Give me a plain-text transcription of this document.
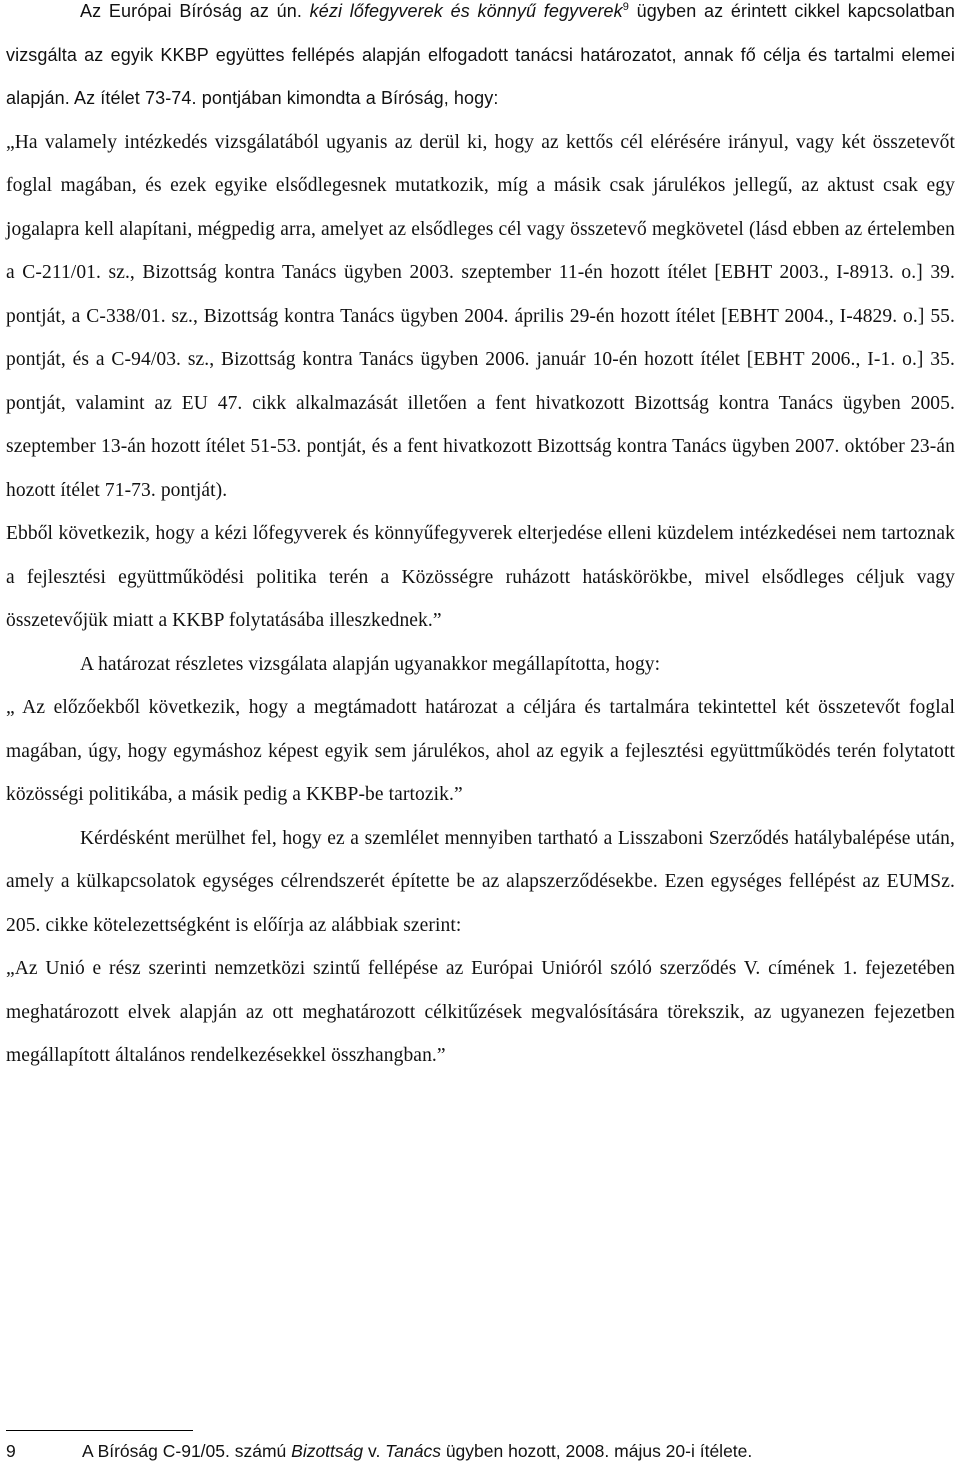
Az Európai Bíróság az ún. kézi lőfegyverek és könnyű fegyverek$^9$ ügyben az érintett cikkel kapcsolatban vizsgálta az egyik KKBP együttes fellépés alapján elfogadott tanácsi határozatot, annak fő célja és tartalmi elemei alapján. Az ítélet 73-74. pontjában kimondta a Bíróság, hogy:

„Ha valamely intézkedés vizsgálatából ugyanis az derül ki, hogy az kettős cél elérésére irányul, vagy két összetevőt foglal magában, és ezek egyike elsődlegesnek mutatkozik, míg a másik csak járulékos jellegű, az aktust csak egy jogalapra kell alapítani, mégpedig arra, amelyet az elsődleges cél vagy összetevő megkövetel (lásd ebben az értelemben a C-211/01. sz., Bizottság kontra Tanács ügyben 2003. szeptember 11-én hozott ítélet [EBHT 2003., I-8913. o.] 39. pontját, a C-338/01. sz., Bizottság kontra Tanács ügyben 2004. április 29-én hozott ítélet [EBHT 2004., I-4829. o.] 55. pontját, és a C-94/03. sz., Bizottság kontra Tanács ügyben 2006. január 10-én hozott ítélet [EBHT 2006., I-1. o.] 35. pontját, valamint az EU 47. cikk alkalmazását illetően a fent hivatkozott Bizottság kontra Tanács ügyben 2005. szeptember 13-án hozott ítélet 51-53. pontját, és a fent hivatkozott Bizottság kontra Tanács ügyben 2007. október 23-án hozott ítélet 71-73. pontját).

Ebből következik, hogy a kézi lőfegyverek és könnyűfegyverek elterjedése elleni küzdelem intézkedései nem tartoznak a fejlesztési együttműködési politika terén a Közösségre ruházott hatáskörökbe, mivel elsődleges céljuk vagy összetevőjük miatt a KKBP folytatásába illeszkednek.”

A határozat részletes vizsgálata alapján ugyanakkor megállapította, hogy:

„ Az előzőekből következik, hogy a megtámadott határozat a céljára és tartalmára tekintettel két összetevőt foglal magában, úgy, hogy egymáshoz képest egyik sem járulékos, ahol az egyik a fejlesztési együttműködés terén folytatott közösségi politikába, a másik pedig a KKBP-be tartozik.”

Kérdésként merülhet fel, hogy ez a szemlélet mennyiben tartható a Lisszaboni Szerződés hatálybalépése után, amely a külkapcsolatok egységes célrendszerét építette be az alapszerződésekbe. Ezen egységes fellépést az EUMSz. 205. cikke kötelezettségként is előírja az alábbiak szerint:

„Az Unió e rész szerinti nemzetközi szintű fellépése az Európai Unióról szóló szerződés V. címének 1. fejezetében meghatározott elvek alapján az ott meghatározott célkitűzések megvalósítására törekszik, az ugyanezen fejezetben megállapított általános rendelkezésekkel összhangban.”

9	A Bíróság C-91/05. számú Bizottság v. Tanács ügyben hozott, 2008. május 20-i ítélete.
